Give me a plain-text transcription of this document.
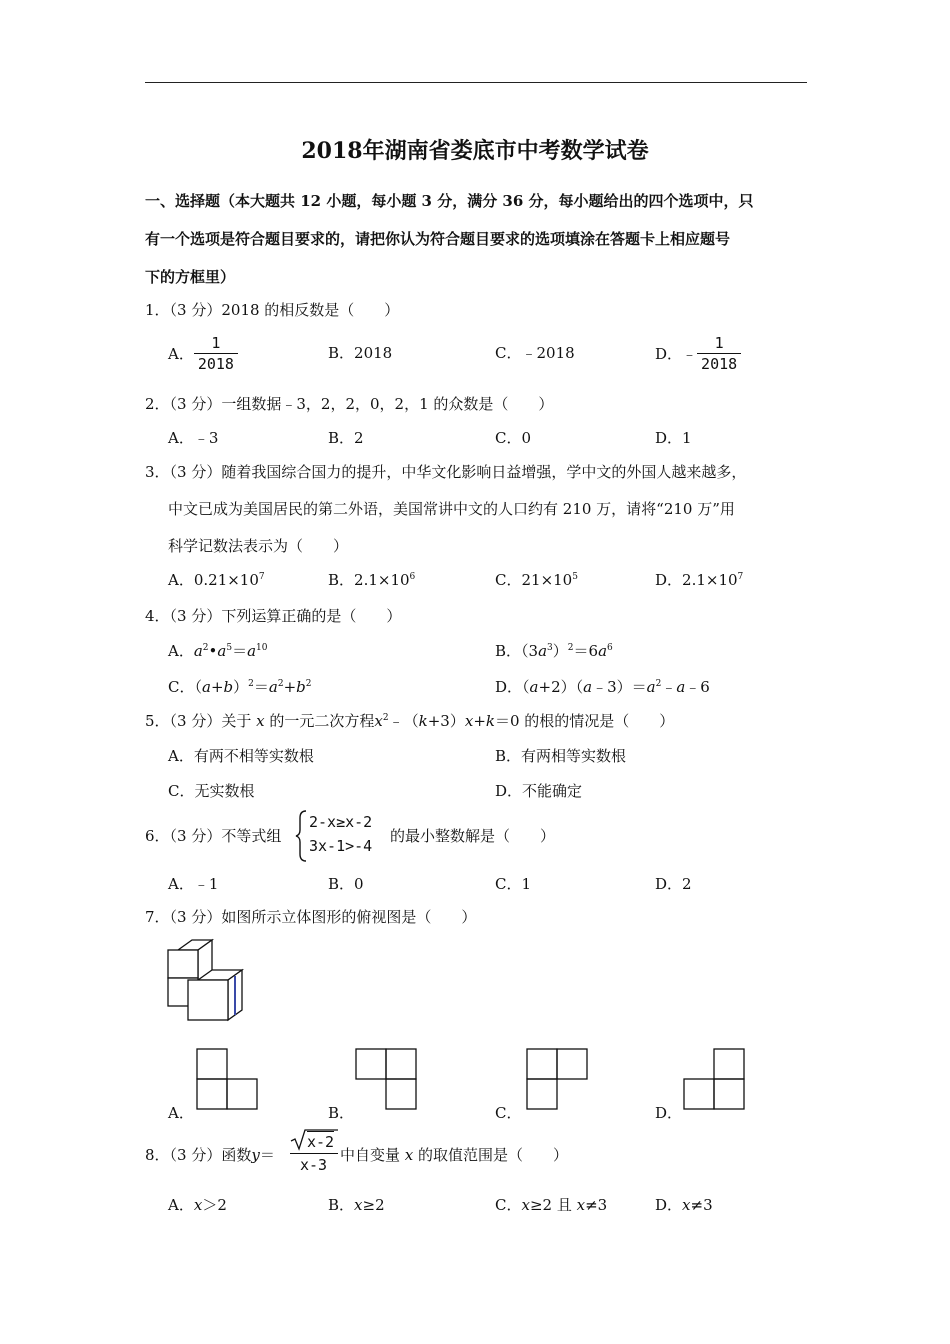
2018年湖南省娄底市中考数学试卷
一、选择题（本大题共 12 小题，每小题 3 分，满分 36 分，每小题给出的四个选项中，只
有一个选项是符合题目要求的，请把你认为符合题目要求的选项填涂在答题卡上相应题号
下的方框里）
1．（3 分）2018 的相反数是（　　）
A． $\frac{1}{2018}$	B．2018	C．﹣2018	D．﹣ $\frac{1}{2018}$
2．（3 分）一组数据﹣3，2，2，0，2，1 的众数是（　　）
A．﹣3	B．2	C．0	D．1
3．（3 分）随着我国综合国力的提升，中华文化影响日益增强，学中文的外国人越来越多，
中文已成为美国居民的第二外语，美国常讲中文的人口约有 210 万，请将“210 万”用
科学记数法表示为（　　）
A．$0.21\times 10^7$	B．$2.1\times 10^6$	C．$21\times 10^5$	D．$2.1\times 10^7$
4．（3 分）下列运算正确的是（　　）
A．$a^2•a^5=a^{10}$	B．$(3a^3)^2=6a^6$
C．$(a+b)^2=a^2+b^2$	D．$(a+2)(a﹣3)=a^2﹣a﹣6$
5．（3 分）关于 x 的一元二次方程$x^2﹣(k+3)x+k=0$ 的根的情况是（　　）
A．有两不相等实数根	B．有两相等实数根
C．无实数根	D．不能确定
6．（3 分）不等式组
2-x≥x-2
3x-1>-4
的最小整数解是（　　）
A．﹣1	B．0	C．1	D．2
7．（3 分）如图所示立体图形的俯视图是（　　）
A．	B．	C．	D．
8．（3 分）函数y＝
x-2
x-3
中自变量 x 的取值范围是（　　）
A．x＞2	B．x≥2	C．x≥2 且 x≠3	D．x≠3
